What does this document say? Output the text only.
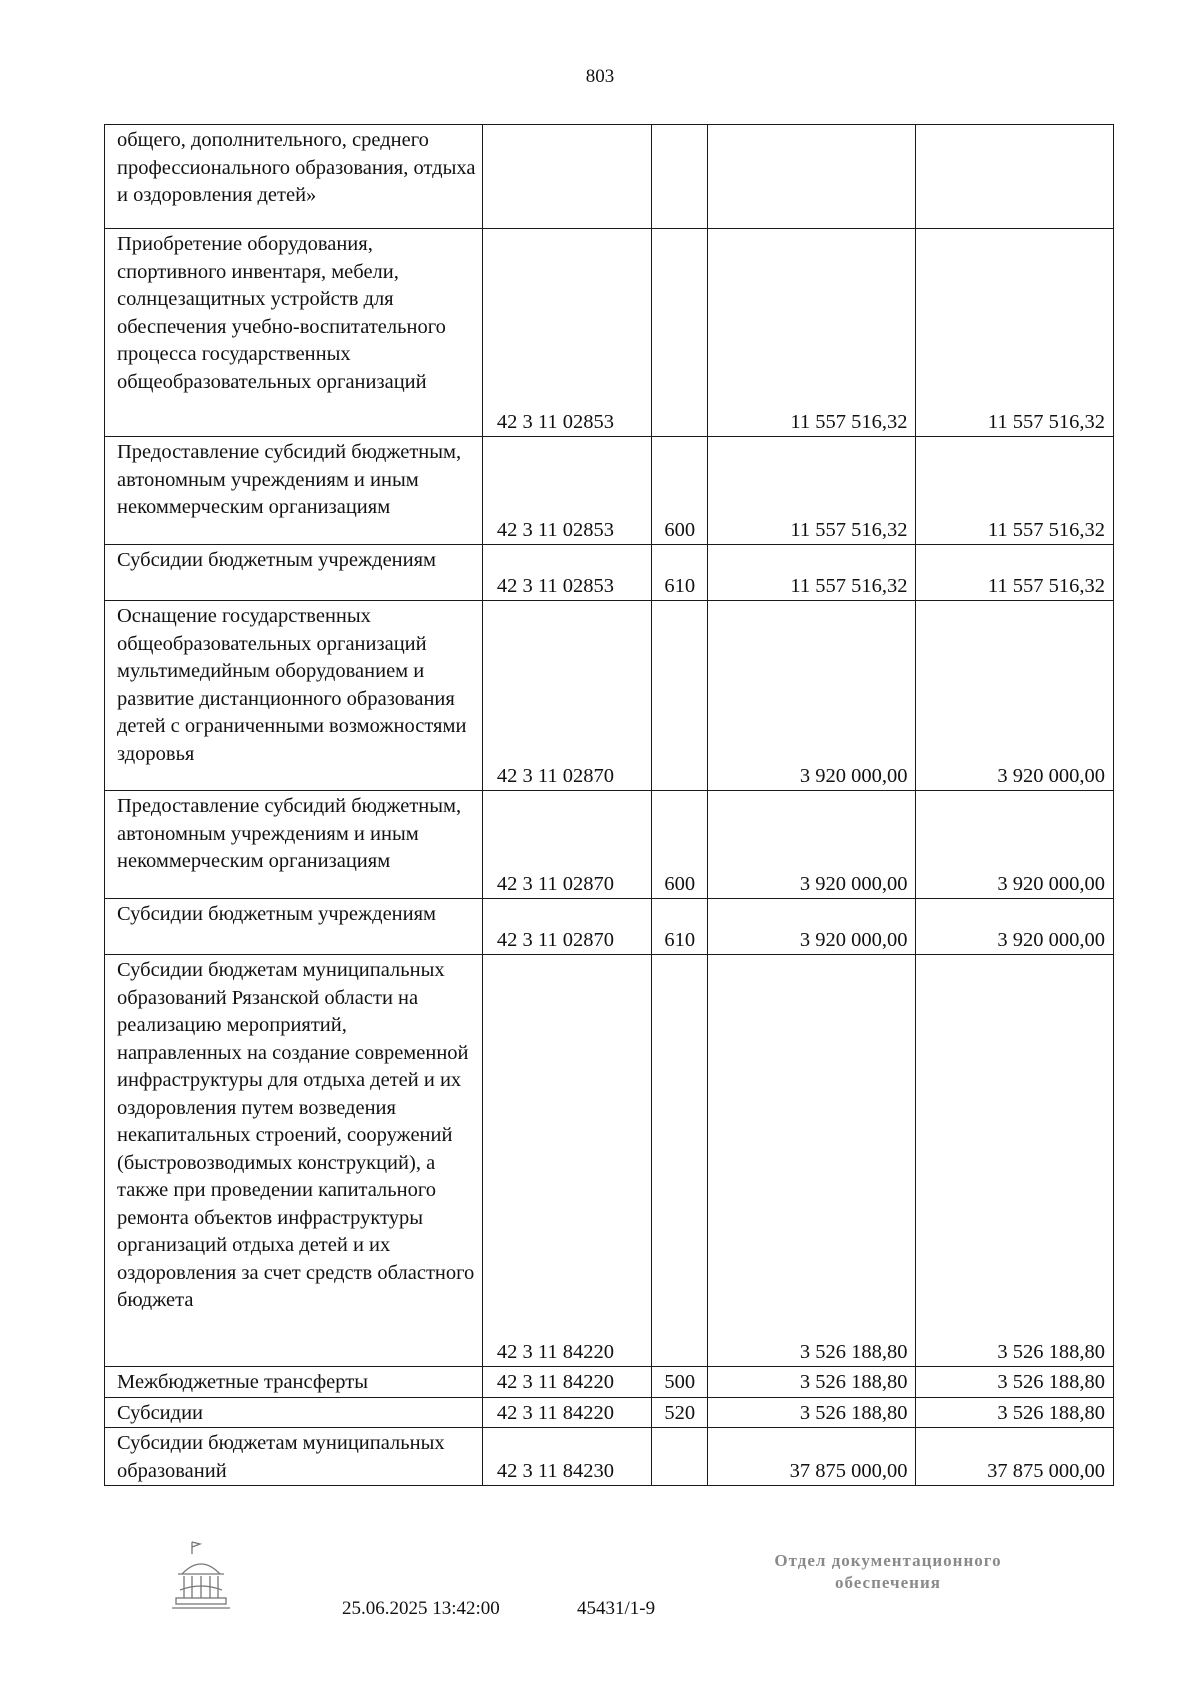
803
общего, дополнительного, среднего профессионального образования, отдыха и оздоровления детей»				
Приобретение оборудования, спортивного инвентаря, мебели, солнцезащитных устройств для обеспечения учебно-воспитательного процесса государственных общеобразовательных организаций	42 3 11 02853		11 557 516,32	11 557 516,32
Предоставление субсидий бюджетным, автономным учреждениям и иным некоммерческим организациям	42 3 11 02853	600	11 557 516,32	11 557 516,32
Субсидии бюджетным учреждениям	42 3 11 02853	610	11 557 516,32	11 557 516,32
Оснащение государственных общеобразовательных организаций мультимедийным оборудованием и развитие дистанционного образования детей с ограниченными возможностями здоровья	42 3 11 02870		3 920 000,00	3 920 000,00
Предоставление субсидий бюджетным, автономным учреждениям и иным некоммерческим организациям	42 3 11 02870	600	3 920 000,00	3 920 000,00
Субсидии бюджетным учреждениям	42 3 11 02870	610	3 920 000,00	3 920 000,00
Субсидии бюджетам муниципальных образований Рязанской области на реализацию мероприятий, направленных на создание современной инфраструктуры для отдыха детей и их оздоровления путем возведения некапитальных строений, сооружений (быстровозводимых конструкций), а также при проведении капитального ремонта объектов инфраструктуры организаций отдыха детей и их оздоровления за счет средств областного бюджета	42 3 11 84220		3 526 188,80	3 526 188,80
Межбюджетные трансферты	42 3 11 84220	500	3 526 188,80	3 526 188,80
Субсидии	42 3 11 84220	520	3 526 188,80	3 526 188,80
Субсидии бюджетам муниципальных образований	42 3 11 84230		37 875 000,00	37 875 000,00
25.06.2025 13:42:00	45431/1-9
Отдел документационного
обеспечения
